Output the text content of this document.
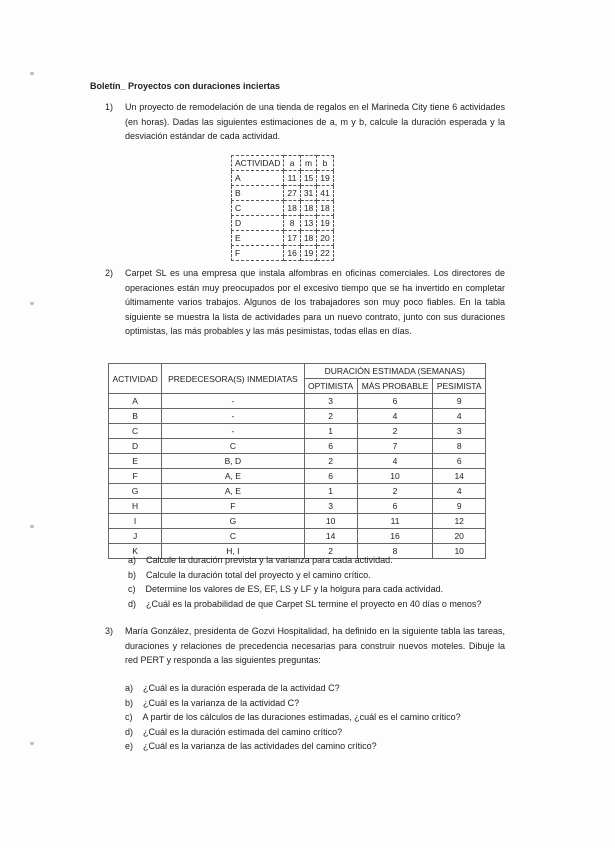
Boletín_ Proyectos con duraciones inciertas
1) Un proyecto de remodelación de una tienda de regalos en el Marineda City tiene 6 actividades (en horas). Dadas las siguientes estimaciones de a, m y b, calcule la duración esperada y la desviación estándar de cada actividad.
ACTIVIDAD	a	m	b
A	11	15	19
B	27	31	41
C	18	18	18
D	8	13	19
E	17	18	20
F	16	19	22
2) Carpet SL es una empresa que instala alfombras en oficinas comerciales. Los directores de operaciones están muy preocupados por el excesivo tiempo que se ha invertido en completar últimamente varios trabajos. Algunos de los trabajadores son muy poco fiables. En la tabla siguiente se muestra la lista de actividades para un nuevo contrato, junto con sus duraciones optimistas, las más probables y las más pesimistas, todas ellas en días.
ACTIVIDAD	PREDECESORA(S) INMEDIATAS	DURACIÓN ESTIMADA (SEMANAS)		
		OPTIMISTA	MÁS PROBABLE	PESIMISTA
A	-	3	6	9
B	-	2	4	4
C	-	1	2	3
D	C	6	7	8
E	B, D	2	4	6
F	A, E	6	10	14
G	A, E	1	2	4
H	F	3	6	9
I	G	10	11	12
J	C	14	16	20
K	H, I	2	8	10
a) Calcule la duración prevista y la varianza para cada actividad.
b) Calcule la duración total del proyecto y el camino crítico.
c) Determine los valores de ES, EF, LS y LF y la holgura para cada actividad.
d) ¿Cuál es la probabilidad de que Carpet SL termine el proyecto en 40 días o menos?
3) María González, presidenta de Gozvi Hospitalidad, ha definido en la siguiente tabla las tareas, duraciones y relaciones de precedencia necesarias para construir nuevos moteles. Dibuje la red PERT y responda a las siguientes preguntas:
a) ¿Cuál es la duración esperada de la actividad C?
b) ¿Cuál es la varianza de la actividad C?
c) A partir de los cálculos de las duraciones estimadas, ¿cuál es el camino crítico?
d) ¿Cuál es la duración estimada del camino crítico?
e) ¿Cuál es la varianza de las actividades del camino crítico?
